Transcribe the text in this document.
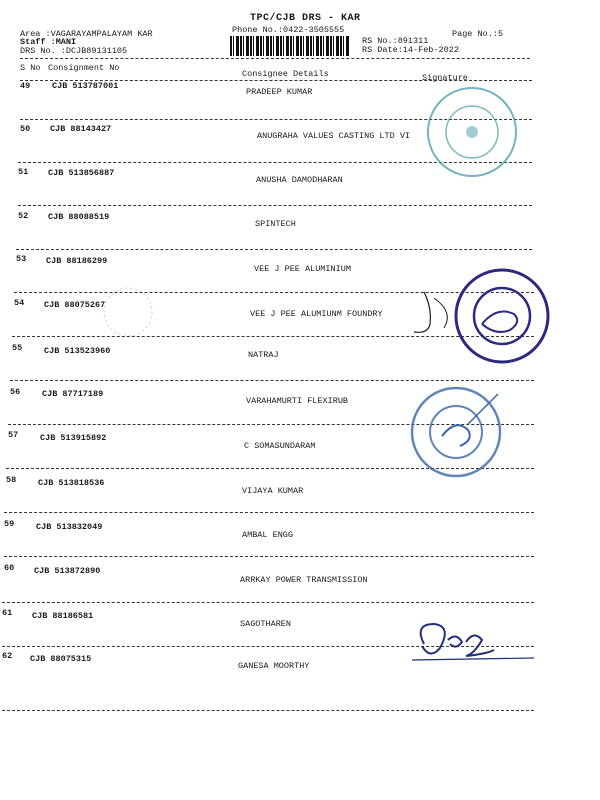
TPC/CJB DRS - KAR
Phone No.:0422-3505555
Area :VAGARAYAMPALAYAM KAR
Staff :MANI
DRS No. :DCJB89131105
Page No.:5
RS No.:891311
RS Date:14-Feb-2022
S No Consignment No
Consignee Details	Signature
49	CJB 513787001
PRADEEP KUMAR
50 CJB 88143427
ANUGRAHA VALUES CASTING LTD VI
51 CJB 513856887
ANUSHA DAMODHARAN
52 CJB 88088519
SPINTECH
53 CJB 88186299
VEE J PEE ALUMINIUM
54 CJB 88075267
VEE J PEE ALUMIUNM FOUNDRY
55	CJB 513523960	NATRAJ
56	CJB 87717189
VARAHAMURTI FLEXIRUB
57	CJB 513915892
C SOMASUNDARAM
58	CJB 513818536
VIJAYA KUMAR
59	CJB 513832049
AMBAL ENGG
60 CJB 513872890
ARRKAY POWER TRANSMISSION
61 CJB 88186581
SAGOTHAREN
62 CJB 88075315
GANESA MOORTHY
